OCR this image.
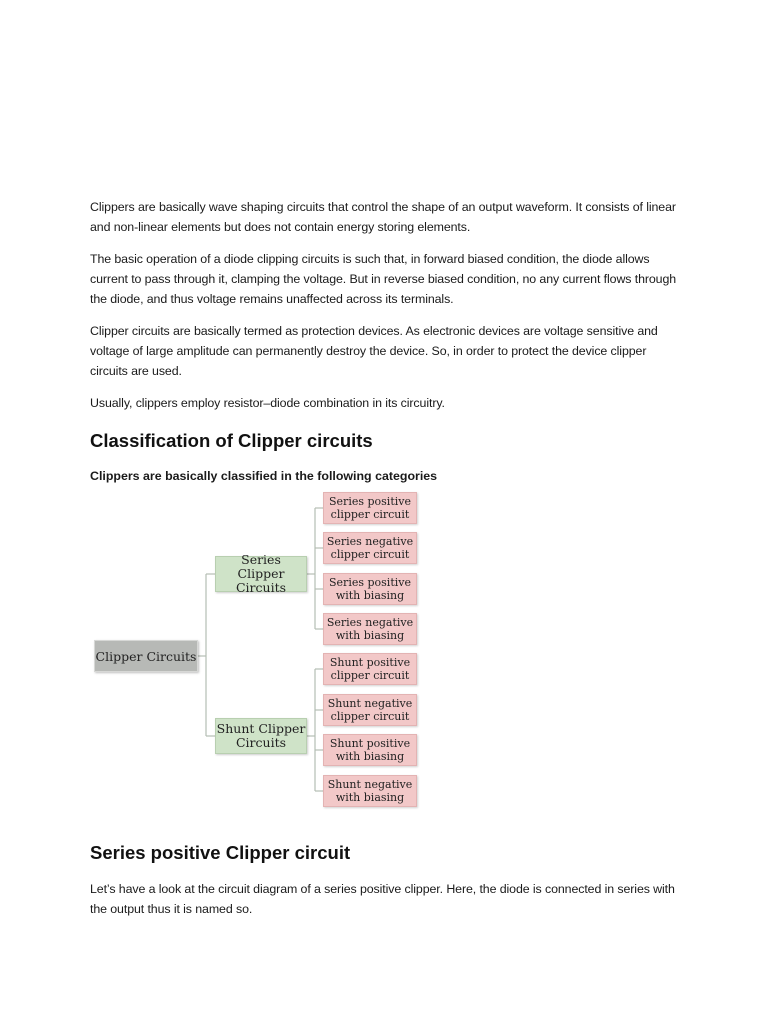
Clippers are basically wave shaping circuits that control the shape of an output waveform. It consists of linear and non-linear elements but does not contain energy storing elements.

The basic operation of a diode clipping circuits is such that, in forward biased condition, the diode allows current to pass through it, clamping the voltage. But in reverse biased condition, no any current flows through the diode, and thus voltage remains unaffected across its terminals.

Clipper circuits are basically termed as protection devices. As electronic devices are voltage sensitive and voltage of large amplitude can permanently destroy the device. So, in order to protect the device clipper circuits are used.

Usually, clippers employ resistor–diode combination in its circuitry.

Classification of Clipper circuits
Clippers are basically classified in the following categories
Clipper Circuits
Series Clipper
Circuits
Shunt Clipper
Circuits
Series positive
clipper circuit
Series negative
clipper circuit
Series positive
with biasing
Series negative
with biasing
Shunt positive
clipper circuit
Shunt negative
clipper circuit
Shunt positive
with biasing
Shunt negative
with biasing
Series positive Clipper circuit

Let’s have a look at the circuit diagram of a series positive clipper. Here, the diode is connected in series with the output thus it is named so.
